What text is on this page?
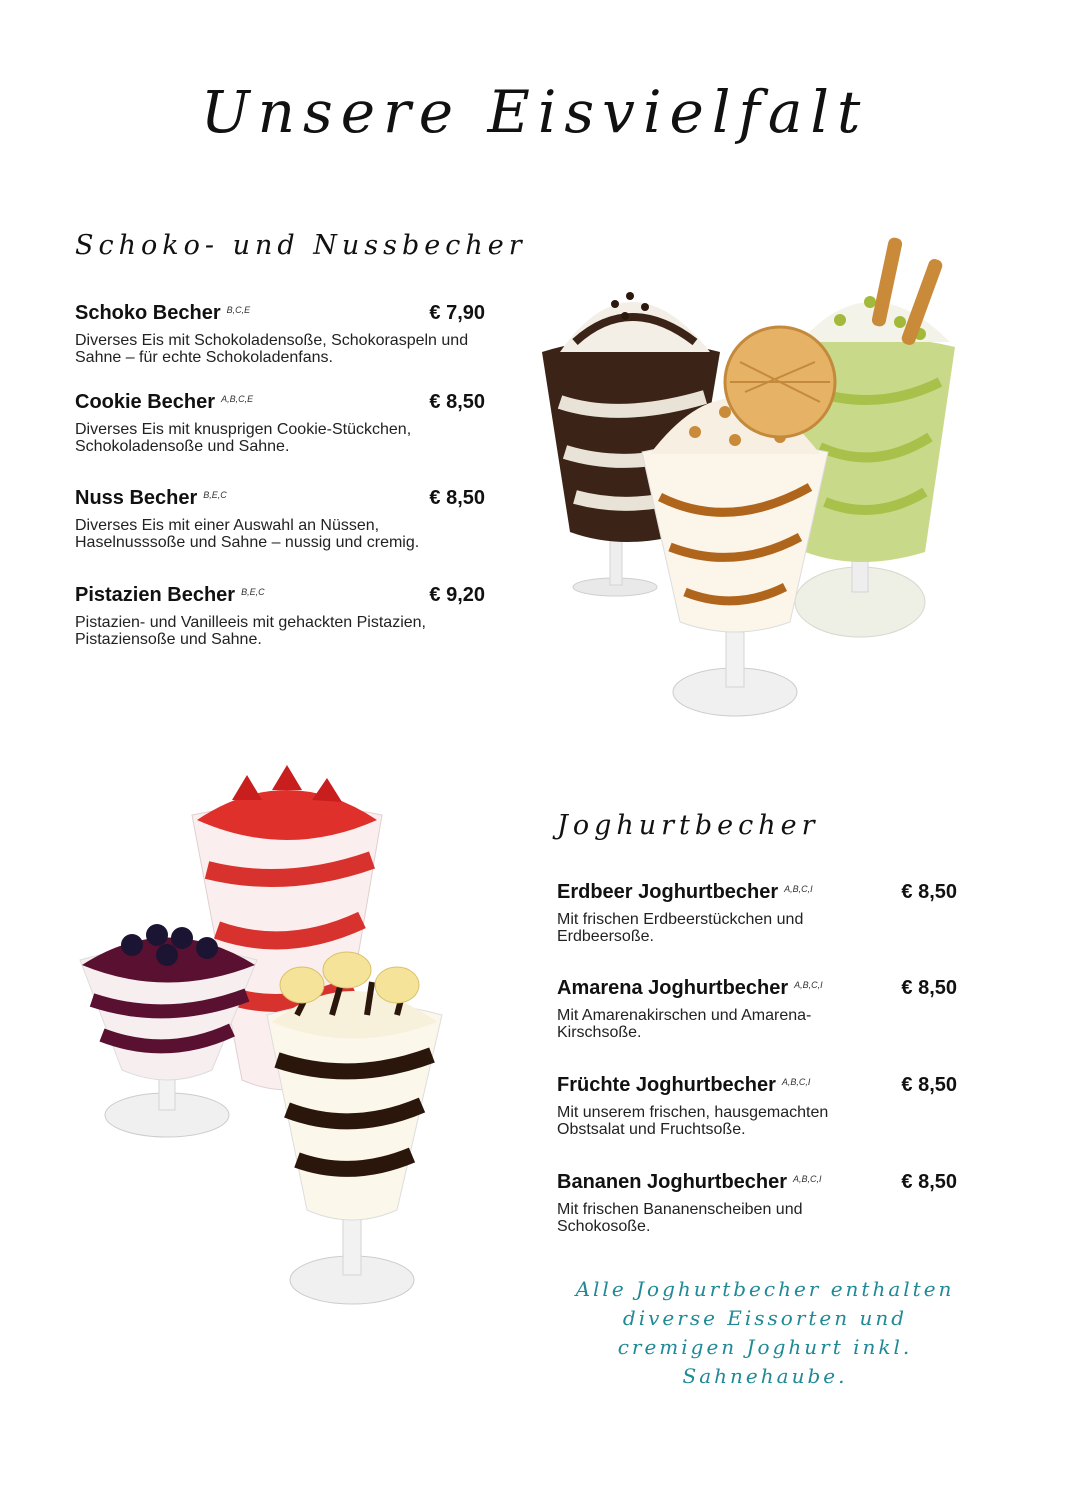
Unsere Eisvielfalt
Schoko- und Nussbecher
Schoko Becher $^{B,C,E}$	€ 7,90
Diverses Eis mit Schokoladensoße, Schokoraspeln und Sahne – für echte Schokoladenfans.
Cookie Becher $^{A,B,C,E}$	€ 8,50
Diverses Eis mit knusprigen Cookie-Stückchen, Schokoladensoße und Sahne.
Nuss Becher $^{B,E,C}$	€ 8,50
Diverses Eis mit einer Auswahl an Nüssen, Haselnusssoße und Sahne – nussig und cremig.
Pistazien Becher $^{B,E,C}$	€ 9,20
Pistazien- und Vanilleeis mit gehackten Pistazien, Pistaziensoße und Sahne.
Joghurtbecher
Erdbeer Joghurtbecher $^{A,B,C,I}$	€ 8,50
Mit frischen Erdbeerstückchen und Erdbeersoße.
Amarena Joghurtbecher $^{A,B,C,I}$	€ 8,50
Mit Amarenakirschen und Amarena-Kirschsoße.
Früchte Joghurtbecher $^{A,B,C,I}$	€ 8,50
Mit unserem frischen, hausgemachten Obstsalat und Fruchtsoße.
Bananen Joghurtbecher $^{A,B,C,I}$	€ 8,50
Mit frischen Bananenscheiben und Schokosoße.
Alle Joghurtbecher enthalten diverse Eissorten und cremigen Joghurt inkl. Sahnehaube.
